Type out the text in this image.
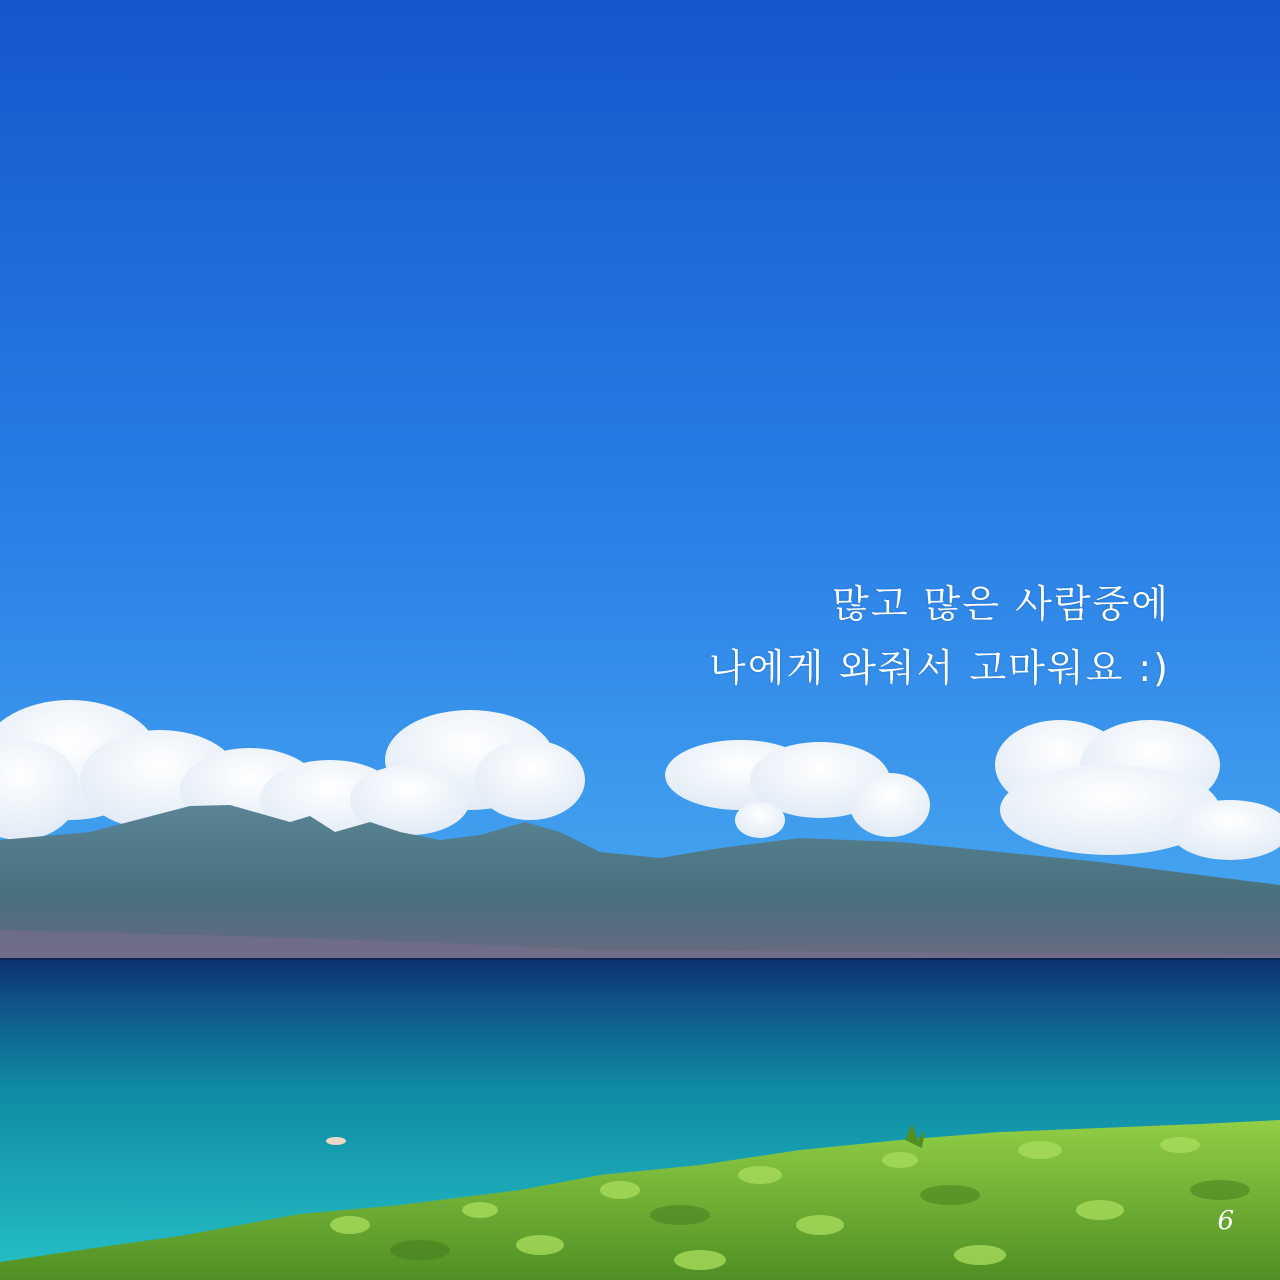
많고 많은 사람중에
나에게 와줘서 고마워요 :)
6
